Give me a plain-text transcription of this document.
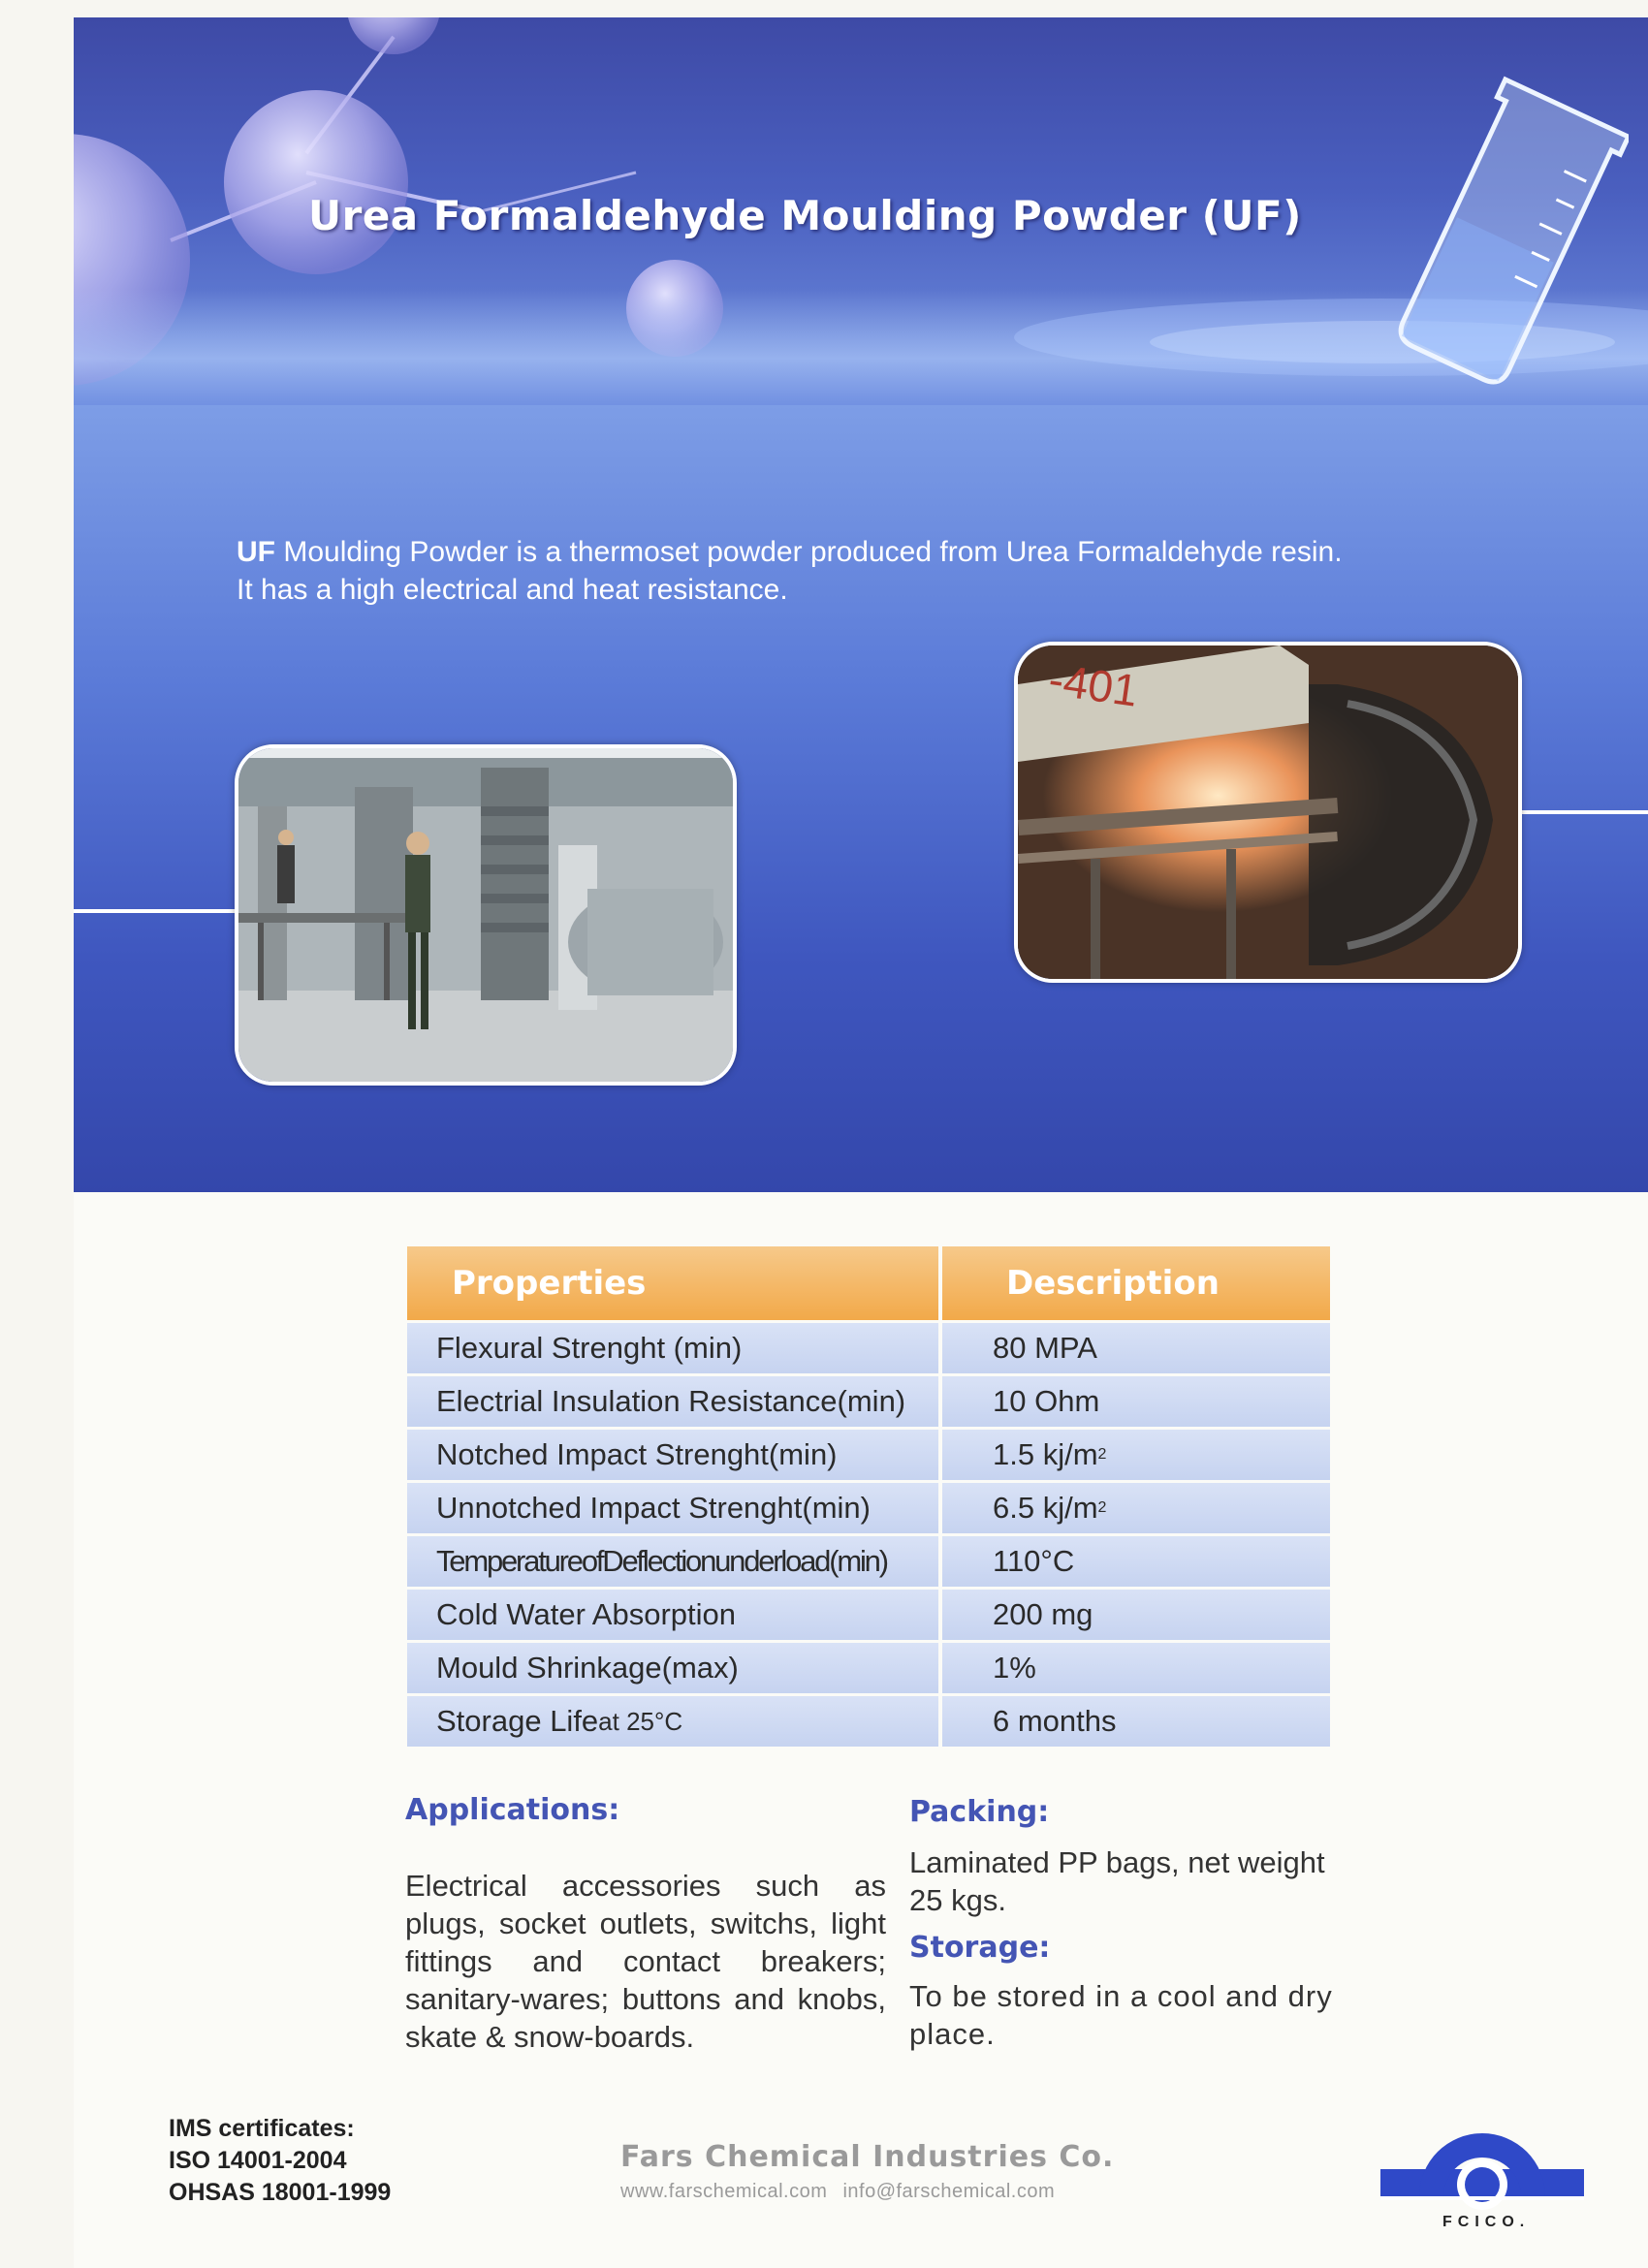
Urea Formaldehyde Moulding Powder (UF)
UF Moulding Powder is a thermoset powder produced from Urea Formaldehyde resin.
It has a high electrical and heat resistance.
-401
Properties	Description
Flexural Strenght (min)	80 MPA
Electrial Insulation Resistance(min)	10 Ohm
Notched Impact Strenght(min)	1.5 kj/m 2
Unnotched Impact Strenght(min)	6.5 kj/m 2
TemperatureofDeflectionunderload(min)	110°C
Cold Water Absorption	200 mg
Mould Shrinkage(max)	1%
Storage Life at 25°C	6 months
Applications:
Electrical accessories such as plugs, socket outlets, switchs, light fittings and contact breakers; sanitary-wares; buttons and knobs, skate & snow-boards.
Packing:
Laminated PP bags, net weight 25 kgs.
Storage:
To be stored in a cool and dry place.
IMS certificates:
ISO 14001-2004
OHSAS 18001-1999
Fars Chemical Industries Co.
www.farschemical.com info@farschemical.com
FCICO.
